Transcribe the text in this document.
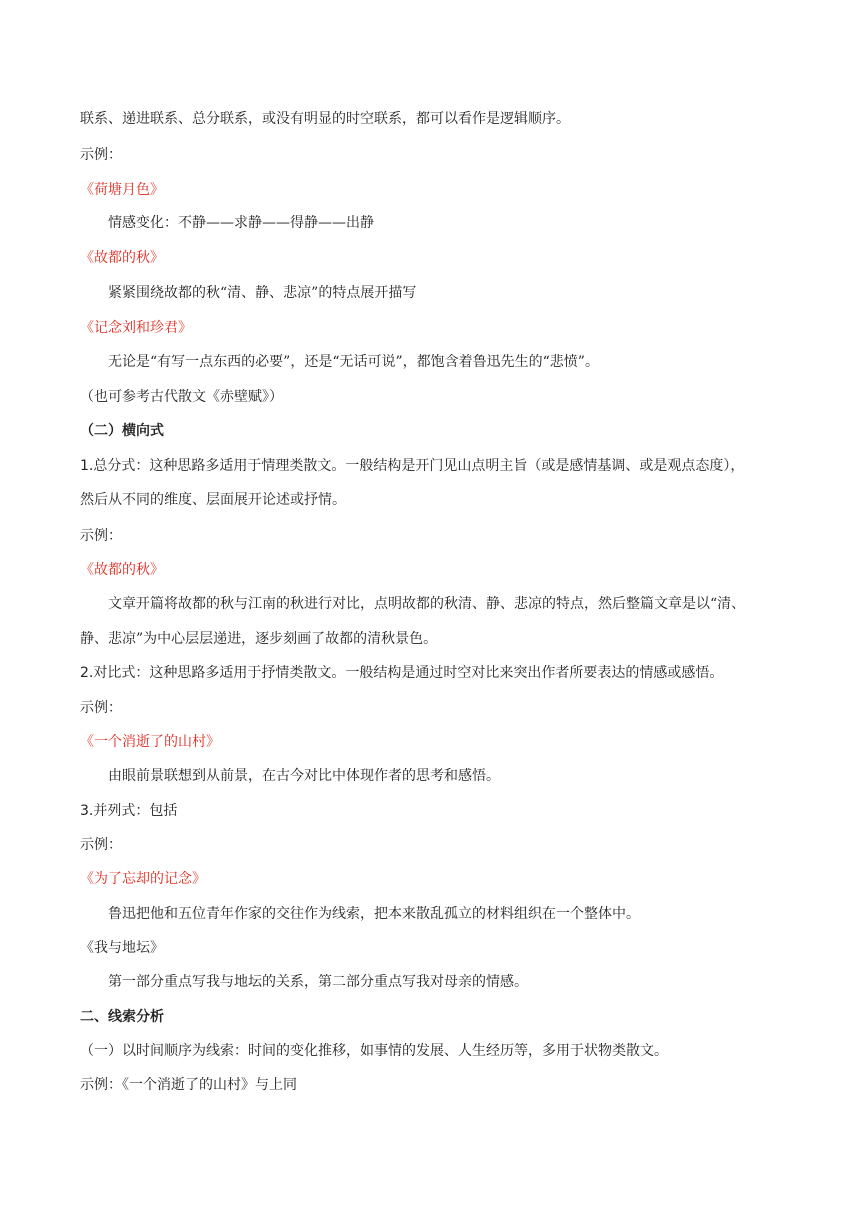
联系、递进联系、总分联系，或没有明显的时空联系，都可以看作是逻辑顺序。
示例：
《荷塘月色》
情感变化：不静——求静——得静——出静
《故都的秋》
紧紧围绕故都的秋“清、静、悲凉”的特点展开描写
《记念刘和珍君》
无论是“有写一点东西的必要”，还是“无话可说”，都饱含着鲁迅先生的“悲愤”。
（也可参考古代散文《赤壁赋》）
（二）横向式
1.总分式：这种思路多适用于情理类散文。一般结构是开门见山点明主旨（或是感情基调、或是观点态度），
然后从不同的维度、层面展开论述或抒情。
示例：
《故都的秋》
文章开篇将故都的秋与江南的秋进行对比，点明故都的秋清、静、悲凉的特点，然后整篇文章是以“清、
静、悲凉”为中心层层递进，逐步刻画了故都的清秋景色。
2.对比式：这种思路多适用于抒情类散文。一般结构是通过时空对比来突出作者所要表达的情感或感悟。
示例：
《一个消逝了的山村》
由眼前景联想到从前景，在古今对比中体现作者的思考和感悟。
3.并列式：包括
示例：
《为了忘却的记念》
鲁迅把他和五位青年作家的交往作为线索，把本来散乱孤立的材料组织在一个整体中。
《我与地坛》
第一部分重点写我与地坛的关系，第二部分重点写我对母亲的情感。
二、线索分析
（一）以时间顺序为线索：时间的变化推移，如事情的发展、人生经历等，多用于状物类散文。
示例：《一个消逝了的山村》与上同
